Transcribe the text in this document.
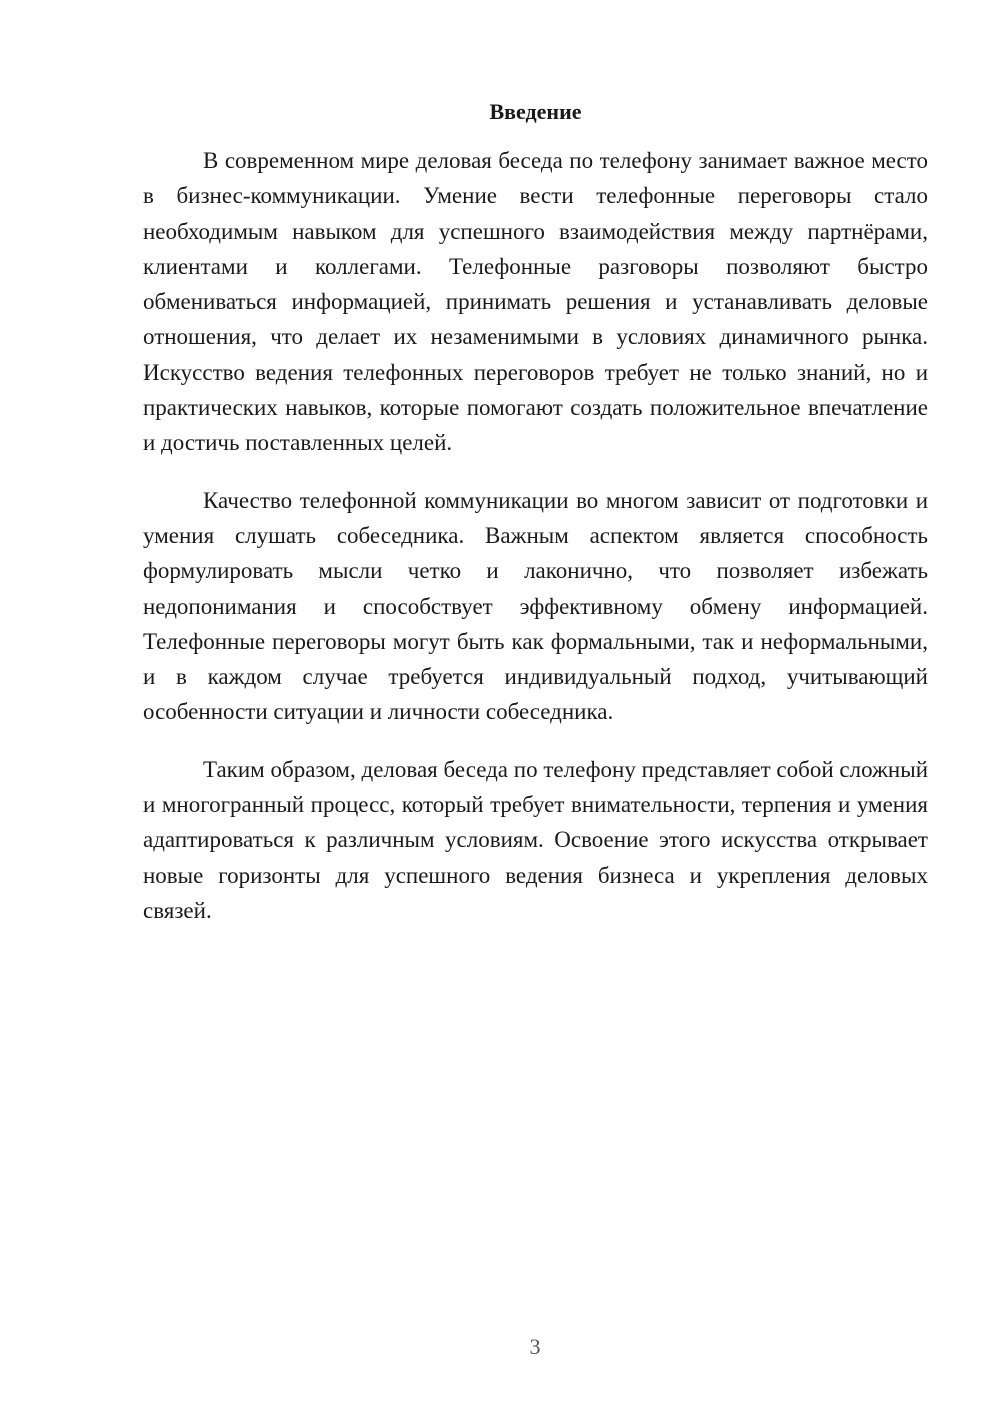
Введение

В современном мире деловая беседа по телефону занимает важное место в бизнес-коммуникации. Умение вести телефонные переговоры стало необходимым навыком для успешного взаимодействия между партнёрами, клиентами и коллегами. Телефонные разговоры позволяют быстро обмениваться информацией, принимать решения и устанавливать деловые отношения, что делает их незаменимыми в условиях динамичного рынка. Искусство ведения телефонных переговоров требует не только знаний, но и практических навыков, которые помогают создать положительное впечатление и достичь поставленных целей.

Качество телефонной коммуникации во многом зависит от подготовки и умения слушать собеседника. Важным аспектом является способность формулировать мысли четко и лаконично, что позволяет избежать недопонимания и способствует эффективному обмену информацией. Телефонные переговоры могут быть как формальными, так и неформальными, и в каждом случае требуется индивидуальный подход, учитывающий особенности ситуации и личности собеседника.

Таким образом, деловая беседа по телефону представляет собой сложный и многогранный процесс, который требует внимательности, терпения и умения адаптироваться к различным условиям. Освоение этого искусства открывает новые горизонты для успешного ведения бизнеса и укрепления деловых связей.

3
